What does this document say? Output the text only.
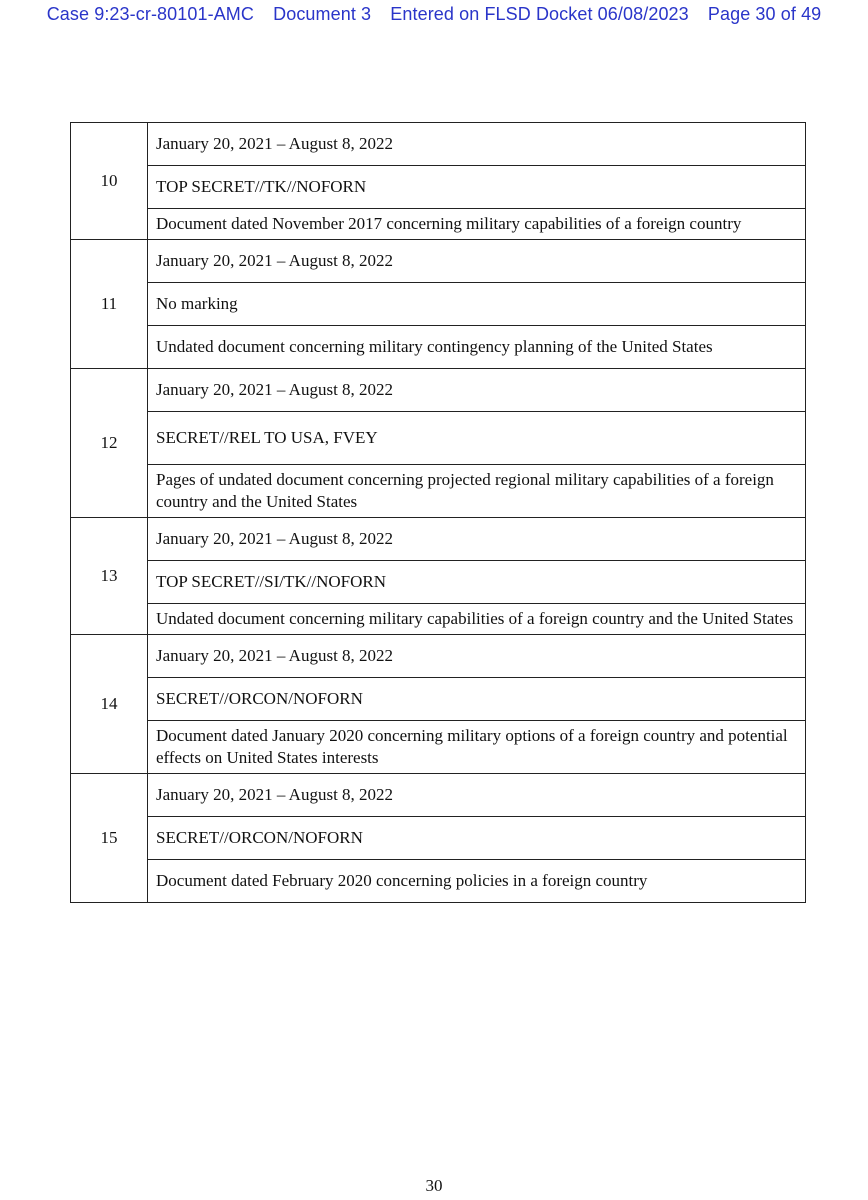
Case 9:23-cr-80101-AMC Document 3 Entered on FLSD Docket 06/08/2023 Page 30 of 49
10	January 20, 2021 – August 8, 2022
	TOP SECRET//TK//NOFORN
	Document dated November 2017 concerning military capabilities of a foreign country
11	January 20, 2021 – August 8, 2022
	No marking
	Undated document concerning military contingency planning of the United States
12	January 20, 2021 – August 8, 2022
	SECRET//REL TO USA, FVEY
	Pages of undated document concerning projected regional military capabilities of a foreign country and the United States
13	January 20, 2021 – August 8, 2022
	TOP SECRET//SI/TK//NOFORN
	Undated document concerning military capabilities of a foreign country and the United States
14	January 20, 2021 – August 8, 2022
	SECRET//ORCON/NOFORN
	Document dated January 2020 concerning military options of a foreign country and potential effects on United States interests
15	January 20, 2021 – August 8, 2022
	SECRET//ORCON/NOFORN
	Document dated February 2020 concerning policies in a foreign country
30
